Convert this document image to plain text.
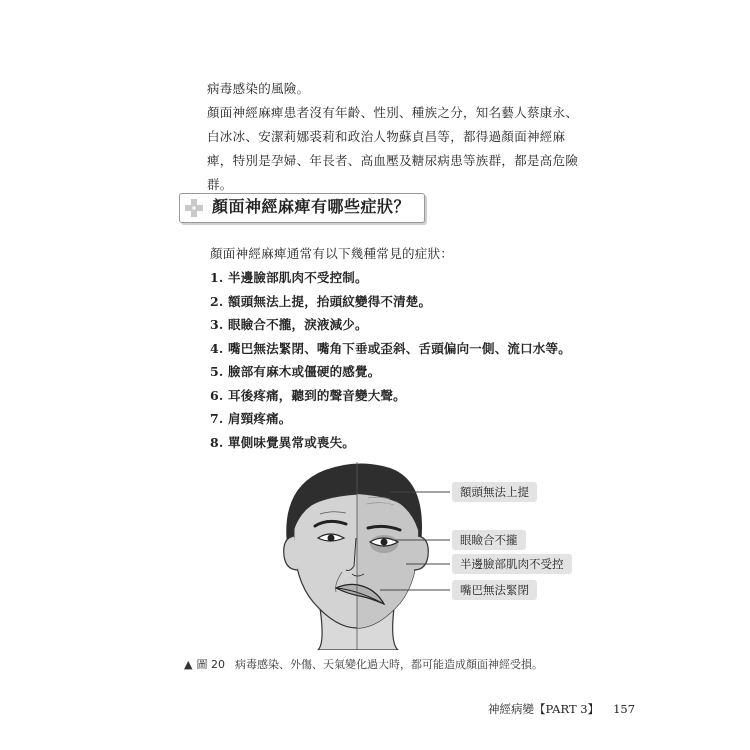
病毒感染的風險。
顏面神經麻痺患者沒有年齡、性別、種族之分，知名藝人蔡康永、白冰冰、安潔莉娜裘莉和政治人物蘇貞昌等，都得過顏面神經麻痺，特別是孕婦、年長者、高血壓及糖尿病患等族群，都是高危險群。
顏面神經麻痺有哪些症狀？
顏面神經麻痺通常有以下幾種常見的症狀：
1. 半邊臉部肌肉不受控制。
2. 額頭無法上提，抬頭紋變得不清楚。
3. 眼瞼合不攏，淚液減少。
4. 嘴巴無法緊閉、嘴角下垂或歪斜、舌頭偏向一側、流口水等。
5. 臉部有麻木或僵硬的感覺。
6. 耳後疼痛，聽到的聲音變大聲。
7. 肩頸疼痛。
8. 單側味覺異常或喪失。
額頭無法上提
眼瞼合不攏
半邊臉部肌肉不受控
嘴巴無法緊閉
▲ 圖 20 病毒感染、外傷、天氣變化過大時，都可能造成顏面神經受損。
神經病變【PART 3】 157
